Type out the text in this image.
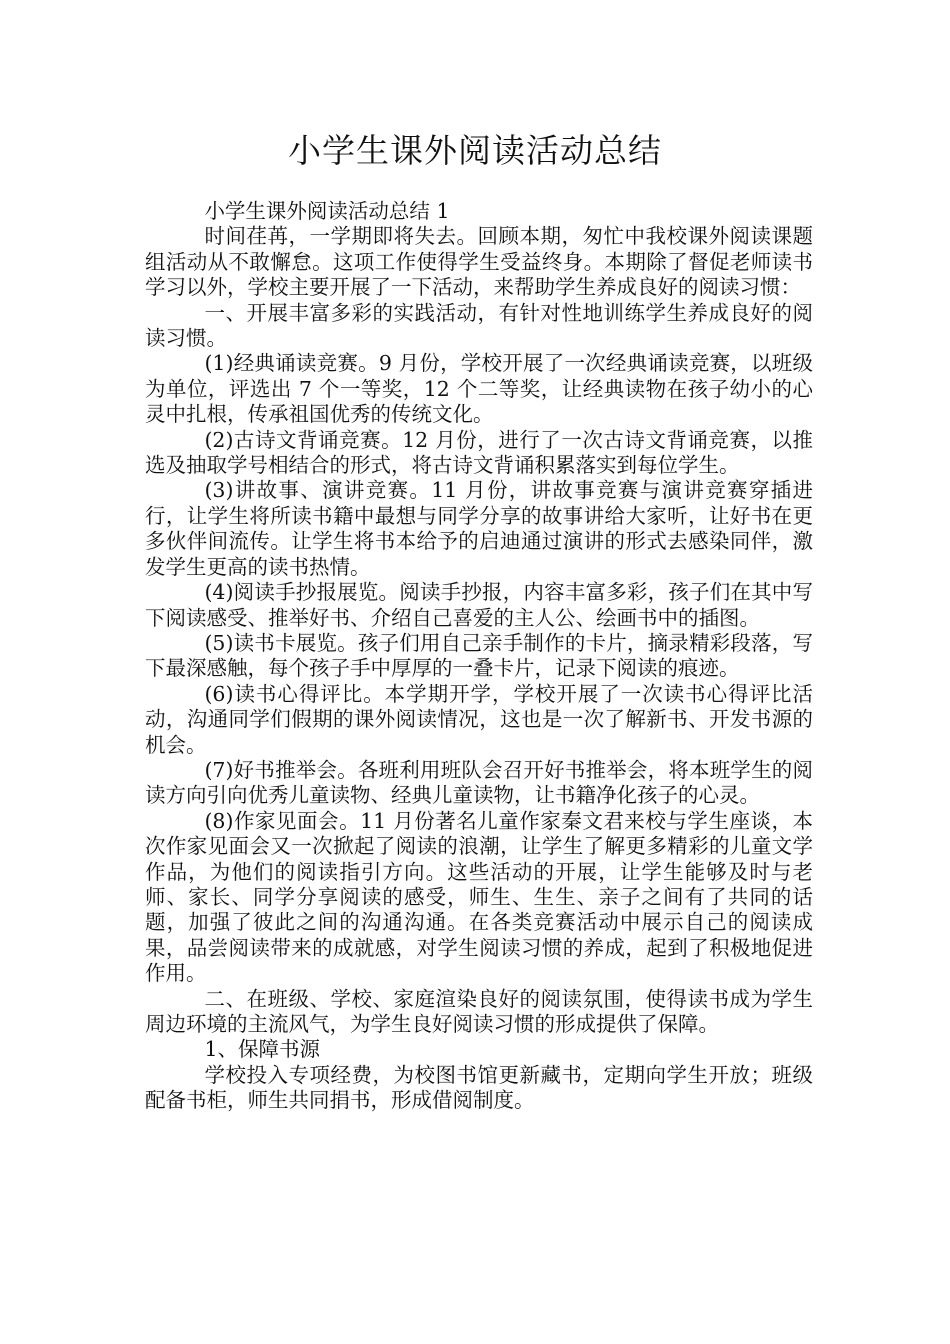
小学生课外阅读活动总结

小学生课外阅读活动总结 1

时间荏苒，一学期即将失去。回顾本期，匆忙中我校课外阅读课题组活动从不敢懈怠。这项工作使得学生受益终身。本期除了督促老师读书学习以外，学校主要开展了一下活动，来帮助学生养成良好的阅读习惯：

一、开展丰富多彩的实践活动，有针对性地训练学生养成良好的阅读习惯。

(1)经典诵读竞赛。9 月份，学校开展了一次经典诵读竞赛，以班级为单位，评选出 7 个一等奖，12 个二等奖，让经典读物在孩子幼小的心灵中扎根，传承祖国优秀的传统文化。

(2)古诗文背诵竞赛。12 月份，进行了一次古诗文背诵竞赛，以推选及抽取学号相结合的形式，将古诗文背诵积累落实到每位学生。

(3)讲故事、演讲竞赛。11 月份，讲故事竞赛与演讲竞赛穿插进行，让学生将所读书籍中最想与同学分享的故事讲给大家听，让好书在更多伙伴间流传。让学生将书本给予的启迪通过演讲的形式去感染同伴，激发学生更高的读书热情。

(4)阅读手抄报展览。阅读手抄报，内容丰富多彩，孩子们在其中写下阅读感受、推举好书、介绍自己喜爱的主人公、绘画书中的插图。

(5)读书卡展览。孩子们用自己亲手制作的卡片，摘录精彩段落，写下最深感触，每个孩子手中厚厚的一叠卡片，记录下阅读的痕迹。

(6)读书心得评比。本学期开学，学校开展了一次读书心得评比活动，沟通同学们假期的课外阅读情况，这也是一次了解新书、开发书源的机会。

(7)好书推举会。各班利用班队会召开好书推举会，将本班学生的阅读方向引向优秀儿童读物、经典儿童读物，让书籍净化孩子的心灵。

(8)作家见面会。11 月份著名儿童作家秦文君来校与学生座谈，本次作家见面会又一次掀起了阅读的浪潮，让学生了解更多精彩的儿童文学作品，为他们的阅读指引方向。这些活动的开展，让学生能够及时与老师、家长、同学分享阅读的感受，师生、生生、亲子之间有了共同的话题，加强了彼此之间的沟通沟通。在各类竞赛活动中展示自己的阅读成果，品尝阅读带来的成就感，对学生阅读习惯的养成，起到了积极地促进作用。

二、在班级、学校、家庭渲染良好的阅读氛围，使得读书成为学生周边环境的主流风气，为学生良好阅读习惯的形成提供了保障。

1、保障书源

学校投入专项经费，为校图书馆更新藏书，定期向学生开放；班级配备书柜，师生共同捐书，形成借阅制度。
